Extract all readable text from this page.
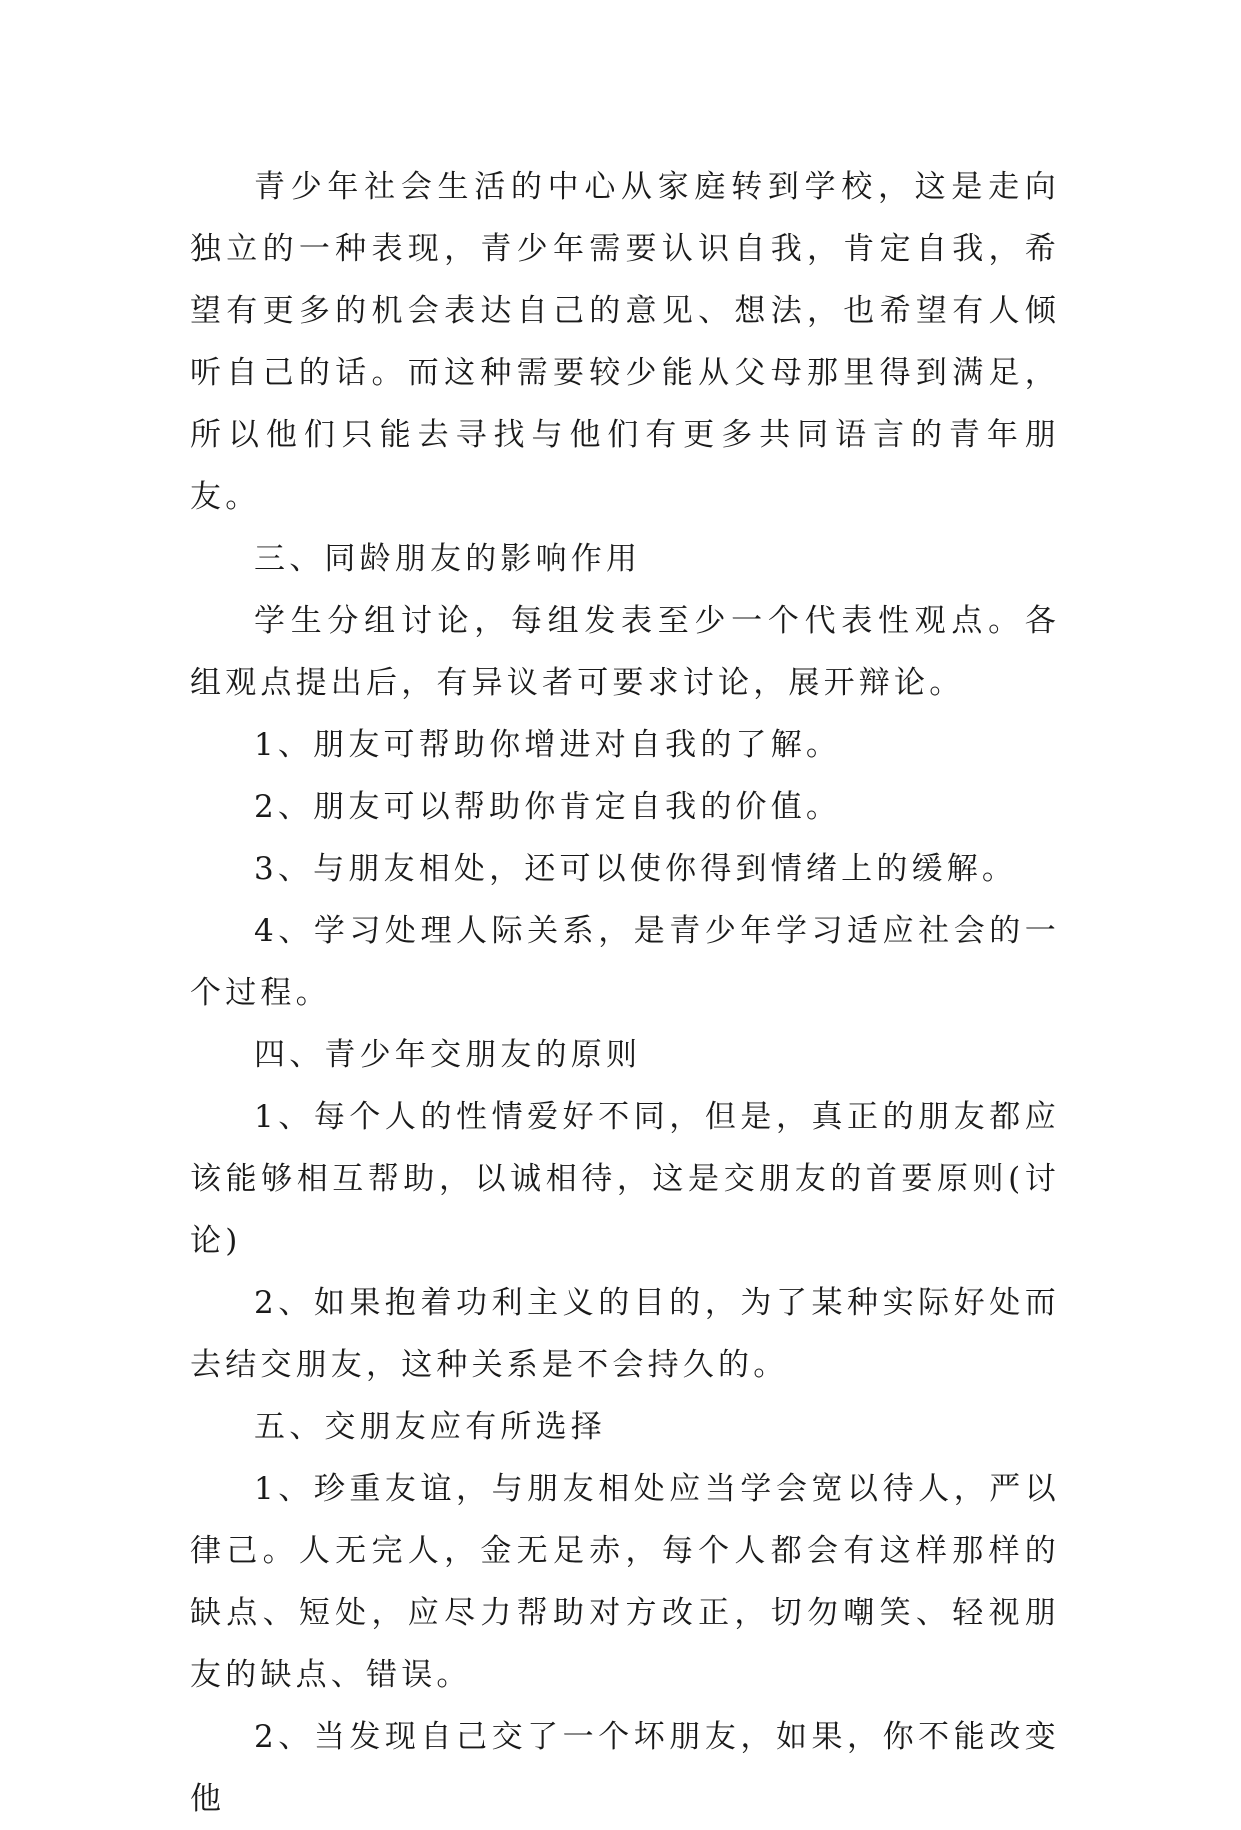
青少年社会生活的中心从家庭转到学校，这是走向独立的一种表现，青少年需要认识自我，肯定自我，希望有更多的机会表达自己的意见、想法，也希望有人倾听自己的话。而这种需要较少能从父母那里得到满足，所以他们只能去寻找与他们有更多共同语言的青年朋友。

三、同龄朋友的影响作用

学生分组讨论，每组发表至少一个代表性观点。各组观点提出后，有异议者可要求讨论，展开辩论。

1、朋友可帮助你增进对自我的了解。

2、朋友可以帮助你肯定自我的价值。

3、与朋友相处，还可以使你得到情绪上的缓解。

4、学习处理人际关系，是青少年学习适应社会的一个过程。

四、青少年交朋友的原则

1、每个人的性情爱好不同，但是，真正的朋友都应该能够相互帮助，以诚相待，这是交朋友的首要原则(讨论)

2、如果抱着功利主义的目的，为了某种实际好处而去结交朋友，这种关系是不会持久的。

五、交朋友应有所选择

1、珍重友谊，与朋友相处应当学会宽以待人，严以律己。人无完人，金无足赤，每个人都会有这样那样的缺点、短处，应尽力帮助对方改正，切勿嘲笑、轻视朋友的缺点、错误。

2、当发现自己交了一个坏朋友，如果，你不能改变他
